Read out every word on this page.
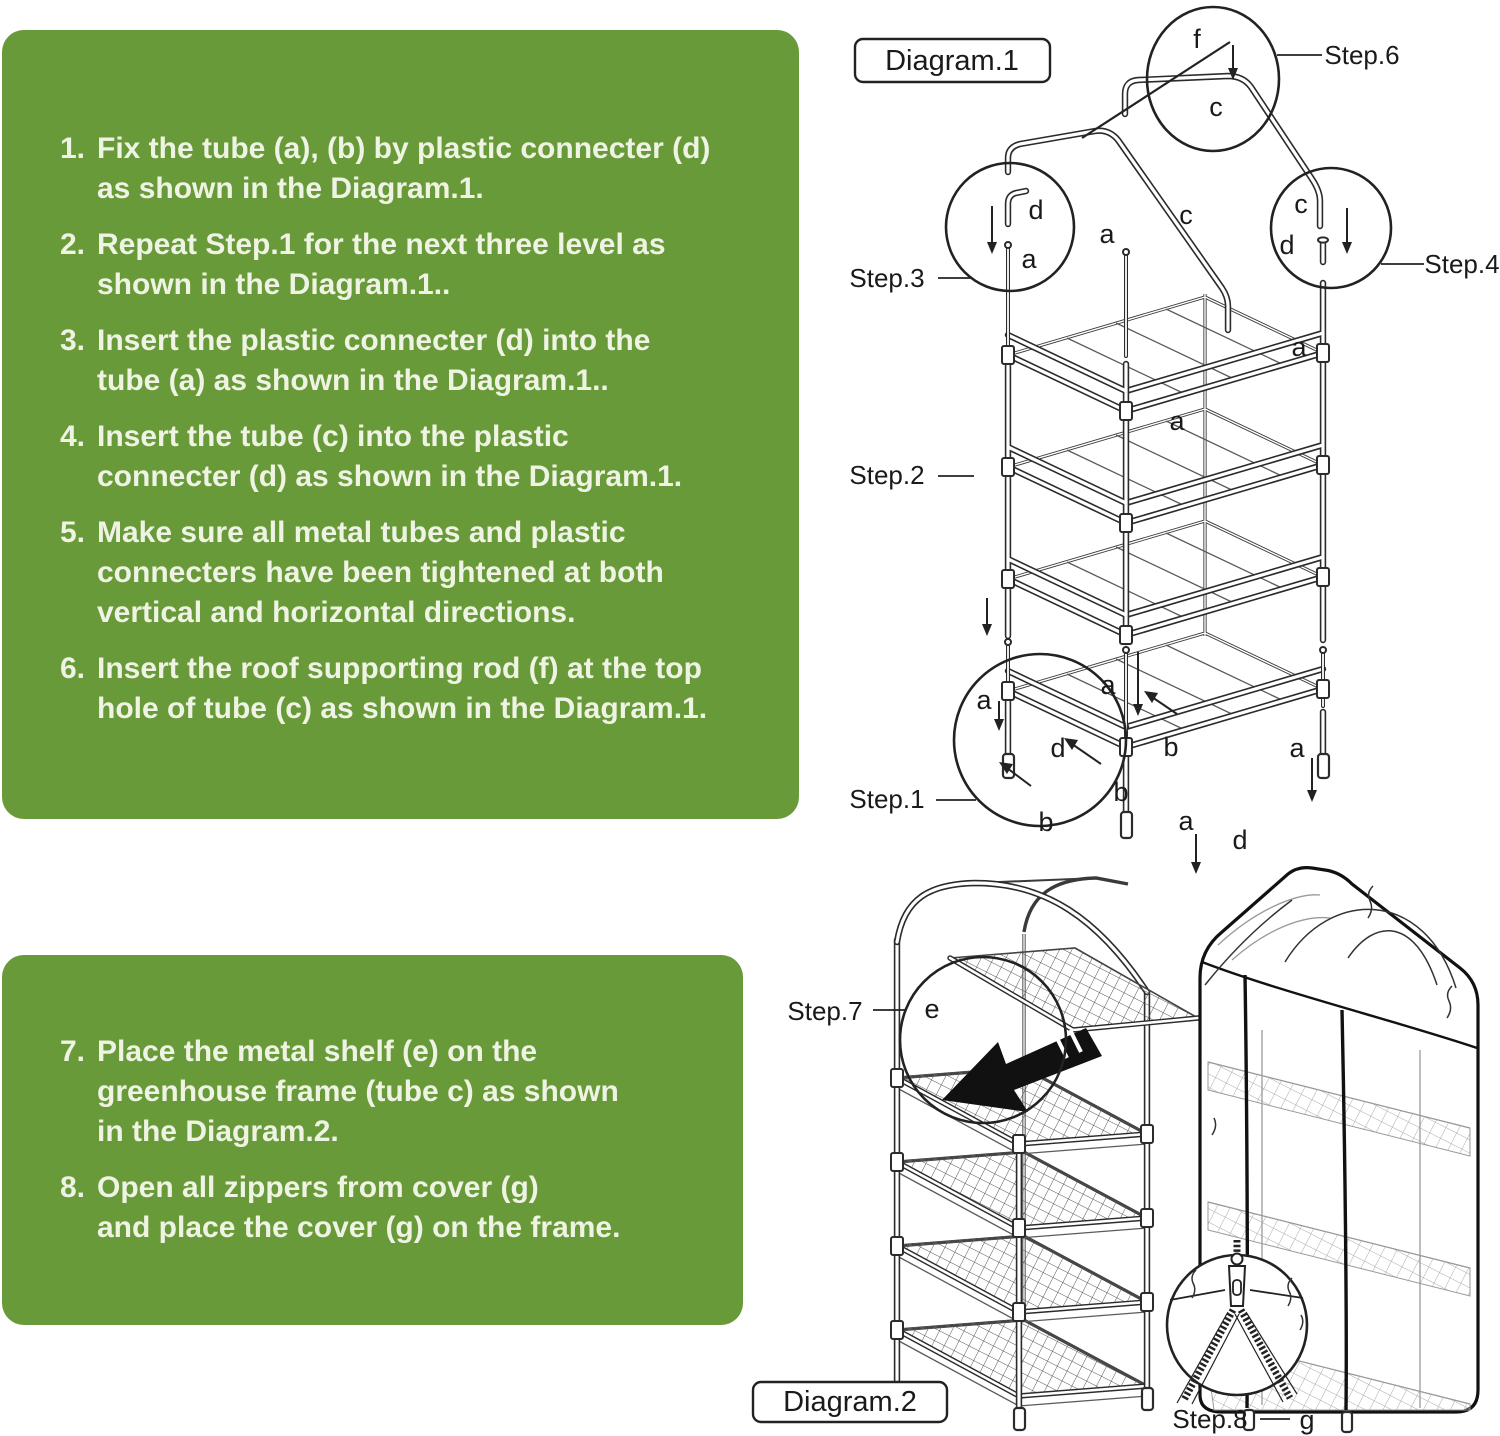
1. Fix the tube (a), (b) by plastic connecter (d)
as shown in the Diagram.1.
2. Repeat Step.1 for the next three level as
shown in the Diagram.1..
3. Insert the plastic connecter (d) into the
tube (a) as shown in the Diagram.1..
4. Insert the tube (c) into the plastic
connecter (d) as shown in the Diagram.1.
5. Make sure all metal tubes and plastic
connecters have been tightened at both
vertical and horizontal directions.
6. Insert the roof supporting rod (f) at the top
hole of tube (c) as shown in the Diagram.1.
7. Place the metal shelf (e) on the
greenhouse frame (tube c) as shown
in the Diagram.2.
8. Open all zippers from cover (g)
and place the cover (g) on the frame.
Diagram.1
Step.3
Step.2
Step.1
Step.6
Step.4
f
c
c	c
d
d
d
d
a
a
a
a
a
a
a
a
b
b
b
Step.7 e
Step.8 g
Diagram.2
